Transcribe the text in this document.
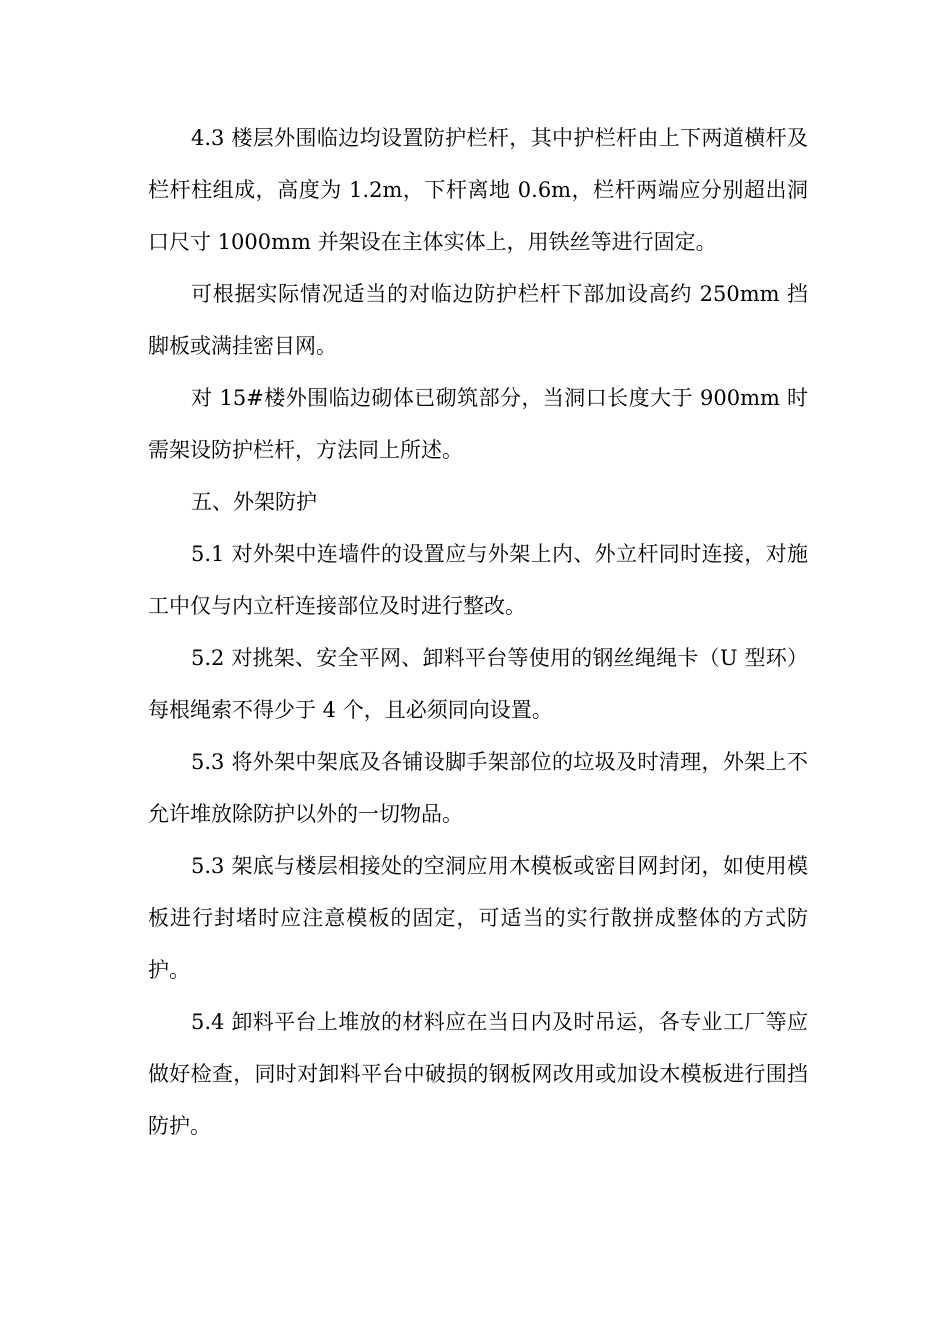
4.3 楼层外围临边均设置防护栏杆，其中护栏杆由上下两道横杆及栏杆柱组成，高度为 1.2m，下杆离地 0.6m，栏杆两端应分别超出洞口尺寸 1000mm 并架设在主体实体上，用铁丝等进行固定。

可根据实际情况适当的对临边防护栏杆下部加设高约 250mm 挡脚板或满挂密目网。

对 15#楼外围临边砌体已砌筑部分，当洞口长度大于 900mm 时需架设防护栏杆，方法同上所述。

五、外架防护

5.1 对外架中连墙件的设置应与外架上内、外立杆同时连接，对施工中仅与内立杆连接部位及时进行整改。

5.2 对挑架、安全平网、卸料平台等使用的钢丝绳绳卡（U 型环）每根绳索不得少于 4 个，且必须同向设置。

5.3 将外架中架底及各铺设脚手架部位的垃圾及时清理，外架上不允许堆放除防护以外的一切物品。

5.3 架底与楼层相接处的空洞应用木模板或密目网封闭，如使用模板进行封堵时应注意模板的固定，可适当的实行散拼成整体的方式防护。

5.4 卸料平台上堆放的材料应在当日内及时吊运，各专业工厂等应做好检查，同时对卸料平台中破损的钢板网改用或加设木模板进行围挡防护。
